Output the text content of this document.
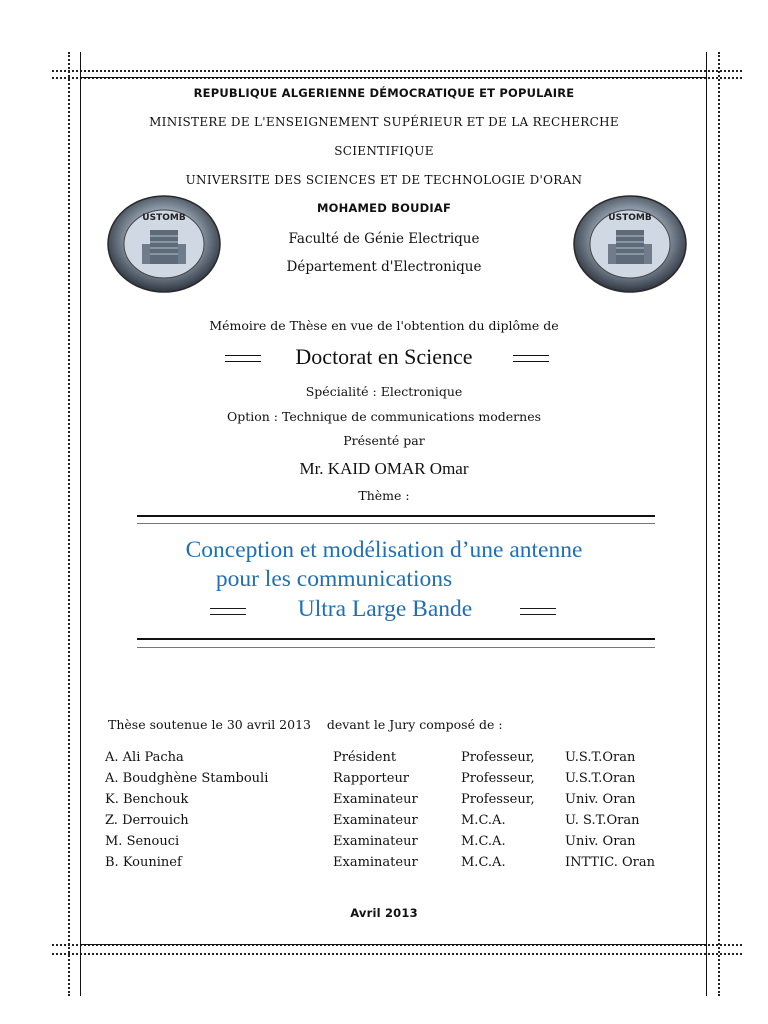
REPUBLIQUE ALGERIENNE DÉMOCRATIQUE ET POPULAIRE
MINISTERE DE L'ENSEIGNEMENT SUPÉRIEUR ET DE LA RECHERCHE
SCIENTIFIQUE
UNIVERSITE DES SCIENCES ET DE TECHNOLOGIE D'ORAN
MOHAMED BOUDIAF
Faculté de Génie Electrique
Département d'Electronique
USTOMB	USTOMB
Mémoire de Thèse en vue de l'obtention du diplôme de
Doctorat en Science
Spécialité : Electronique
Option : Technique de communications modernes
Présenté par
Mr. KAID OMAR Omar
Thème :
Conception et modélisation d’une antenne
pour les communications
Ultra Large Bande
Thèse soutenue le 30 avril 2013    devant le Jury composé de :
A. Ali Pacha	Président	Professeur, U.S.T.Oran
A. Boudghène Stambouli	Rapporteur	Professeur, U.S.T.Oran
K. Benchouk	Examinateur	Professeur, Univ. Oran
Z. Derrouich	Examinateur	M.C.A.	U. S.T.Oran
M. Senouci	Examinateur	M.C.A.	Univ. Oran
B. Kouninef	Examinateur	M.C.A.	INTTIC. Oran
Avril 2013
